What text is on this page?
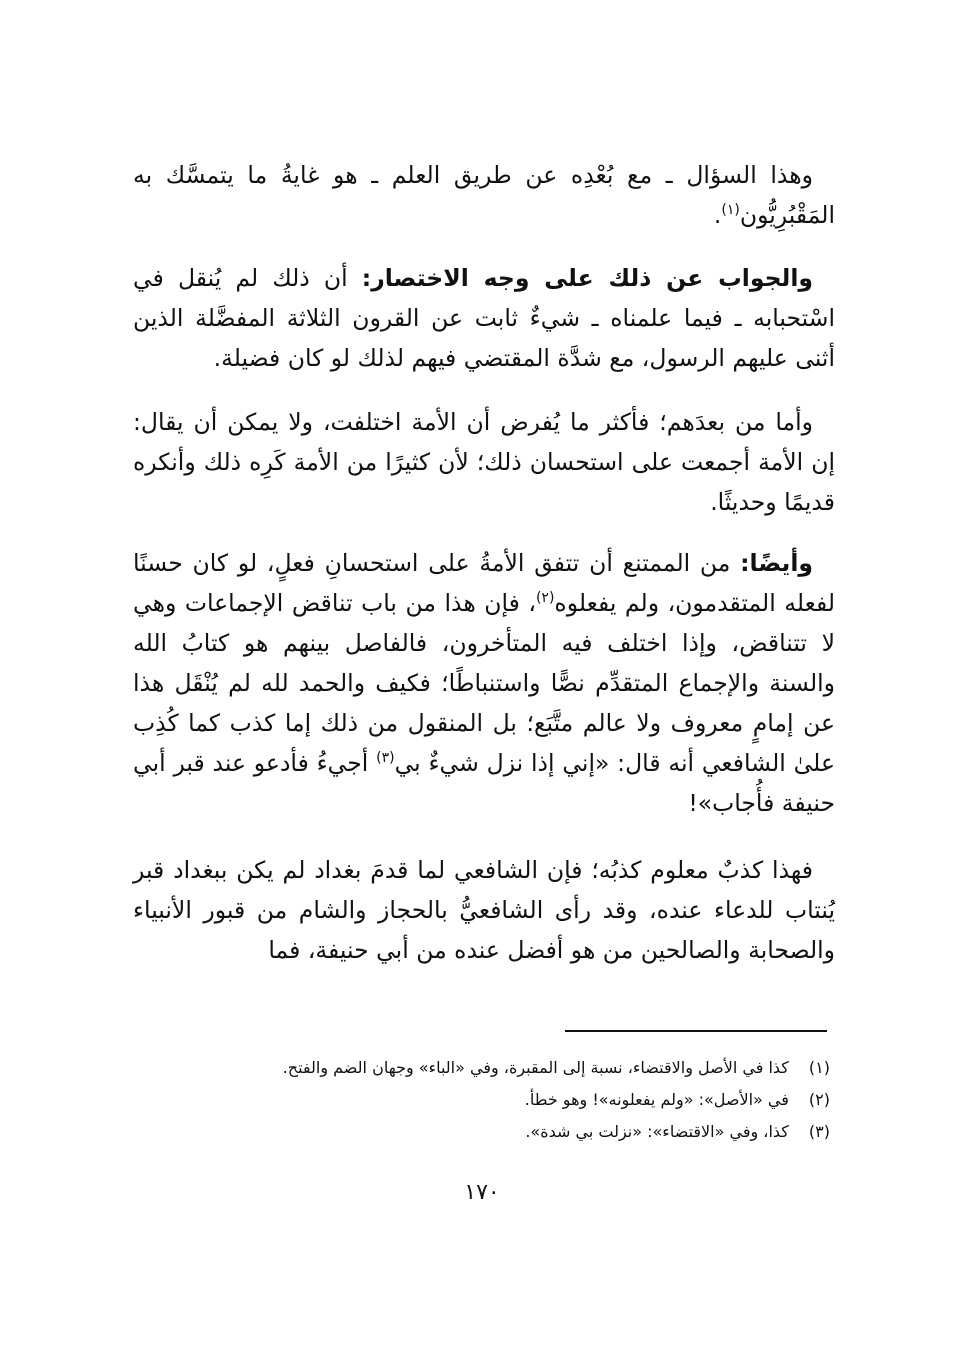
وهذا السؤال ـ مع بُعْدِه عن طريق العلم ـ هو غايةُ ما يتمسَّك به المَقْبُرِيُّون$^{(١)}$.

والجواب عن ذلك على وجه الاختصار: أن ذلك لم يُنقل في اسْتحبابه ـ فيما علمناه ـ شيءٌ ثابت عن القرون الثلاثة المفضَّلة الذين أثنى عليهم الرسول، مع شدَّة المقتضي فيهم لذلك لو كان فضيلة.

وأما من بعدَهم؛ فأكثر ما يُفرض أن الأمة اختلفت، ولا يمكن أن يقال: إن الأمة أجمعت على استحسان ذلك؛ لأن كثيرًا من الأمة كَرِه ذلك وأنكره قديمًا وحديثًا.

وأيضًا: من الممتنع أن تتفق الأمةُ على استحسانِ فعلٍ، لو كان حسنًا لفعله المتقدمون، ولم يفعلوه$^{(٢)}$، فإن هذا من باب تناقض الإجماعات وهي لا تتناقض، وإذا اختلف فيه المتأخرون، فالفاصل بينهم هو كتابُ الله والسنة والإجماع المتقدِّم نصًّا واستنباطًا؛ فكيف والحمد لله لم يُنْقَل هذا عن إمامٍ معروف ولا عالم متَّبَع؛ بل المنقول من ذلك إما كذب كما كُذِب علىٰ الشافعي أنه قال: «إني إذا نزل شيءٌ بي$^{(٣)}$ أجيءُ فأدعو عند قبر أبي حنيفة فأُجاب»!

فهذا كذبٌ معلوم كذبُه؛ فإن الشافعي لما قدمَ بغداد لم يكن ببغداد قبر يُنتاب للدعاء عنده، وقد رأى الشافعيُّ بالحجاز والشام من قبور الأنبياء والصحابة والصالحين من هو أفضل عنده من أبي حنيفة، فما

(١) كذا في الأصل والاقتضاء، نسبة إلى المقبرة، وفي «الباء» وجهان الضم والفتح.

(٢) في «الأصل»: «ولم يفعلونه»! وهو خطأ.

(٣) كذا، وفي «الاقتضاء»: «نزلت بي شدة».

١٧٠
